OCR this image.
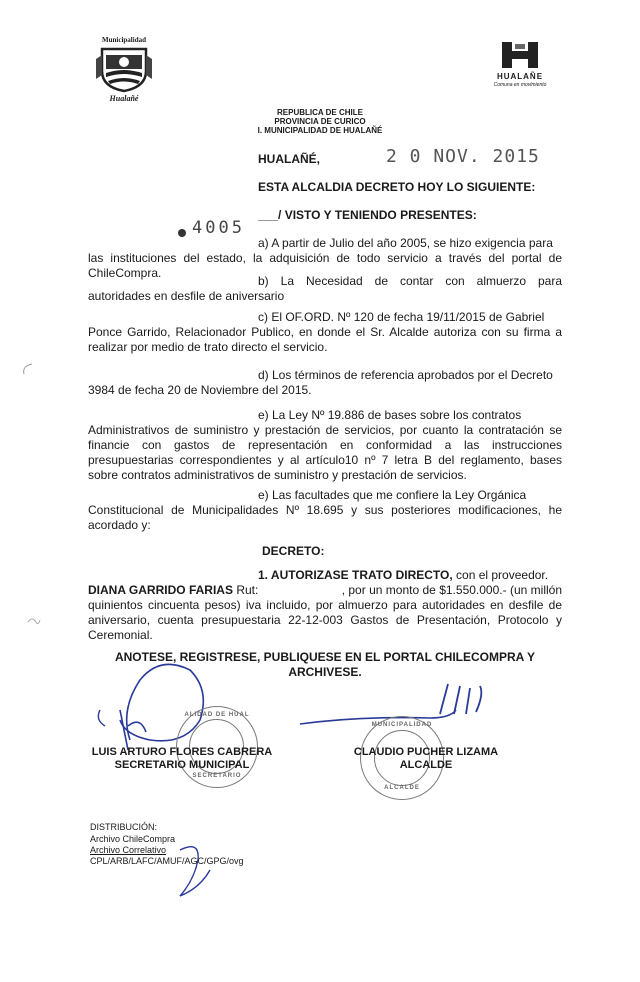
Municipalidad
Hualañé
HUALAÑE
Comuna en movimiento
REPUBLICA DE CHILE
PROVINCIA DE CURICO
I. MUNICIPALIDAD DE HUALAÑÉ
HUALAÑÉ,	2 0 NOV. 2015
ESTA ALCALDIA DECRETO HOY LO SIGUIENTE:
4005
___/ VISTO Y TENIENDO PRESENTES:
a) A partir de Julio del año 2005, se hizo exigencia para
las instituciones del estado, la adquisición de todo servicio a través del portal de ChileCompra.
b) La Necesidad de contar con almuerzo para
autoridades en desfile de aniversario
c) El OF.ORD. Nº 120 de fecha 19/11/2015 de Gabriel
Ponce Garrido, Relacionador Publico, en donde el Sr. Alcalde autoriza con su firma a realizar por medio de trato directo el servicio.
d) Los términos de referencia aprobados por el Decreto
3984 de fecha 20 de Noviembre del 2015.
e) La Ley Nº 19.886 de bases sobre los contratos
Administrativos de suministro y prestación de servicios, por cuanto la contratación se financie con gastos de representación en conformidad a las instrucciones presupuestarias correspondientes y al artículo10 nº 7 letra B del reglamento, bases sobre contratos administrativos de suministro y prestación de servicios.
e) Las facultades que me confiere la Ley Orgánica
Constitucional de Municipalidades Nº 18.695 y sus posteriores modificaciones, he acordado y:
DECRETO:
1. AUTORIZASE TRATO DIRECTO, con el proveedor.
DIANA GARRIDO FARIAS Rut:	, por un monto de $1.550.000.- (un millón quinientos cincuenta pesos) iva incluido, por almuerzo para autoridades en desfile de aniversario, cuenta presupuestaria 22-12-003 Gastos de Presentación, Protocolo y Ceremonial.
ANOTESE, REGISTRESE, PUBLIQUESE EN EL PORTAL CHILECOMPRA Y
ARCHIVESE.
ALIDAD DE HUAL
SECRETARIO
MUNICIPALIDAD
ALCALDE
LUIS ARTURO FLORES CABRERA
SECRETARIO MUNICIPAL
CLAUDIO PUCHER LIZAMA
ALCALDE
DISTRIBUCIÓN:
Archivo ChileCompra
Archivo Correlativo
CPL/ARB/LAFC/AMUF/AGC/GPG/ovg
